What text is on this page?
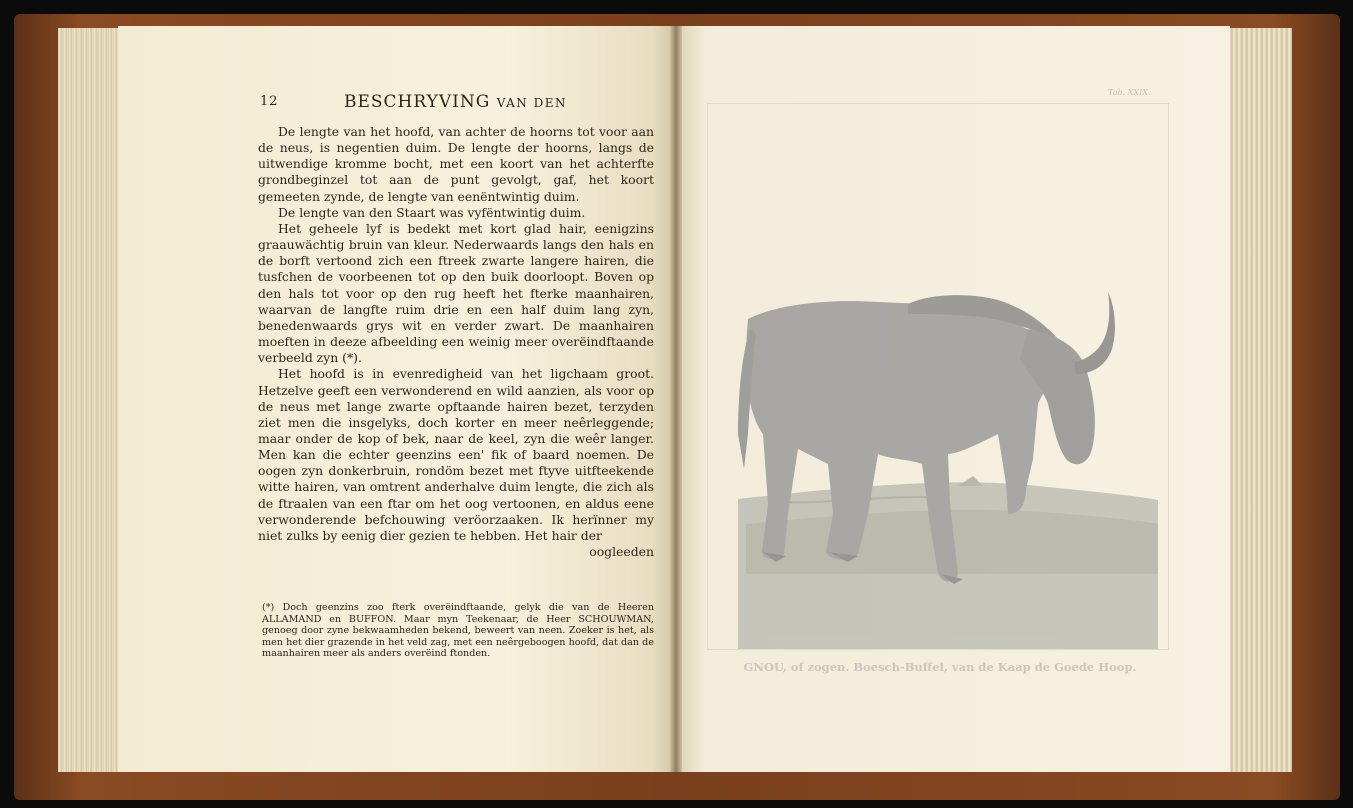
12	BESCHRYVING VAN DEN

De lengte van het hoofd, van achter de hoorns tot voor aan de neus, is negentien duim. De lengte der hoorns, langs de uitwendige kromme bocht, met een koort van het achterfte grondbeginzel tot aan de punt gevolgt, gaf, het koort gemeeten zynde, de lengte van eenëntwintig duim.

De lengte van den Staart was vyfëntwintig duim.

Het geheele lyf is bedekt met kort glad hair, eenigzins graauwächtig bruin van kleur. Nederwaards langs den hals en de borft vertoond zich een ftreek zwarte langere hairen, die tusfchen de voorbeenen tot op den buik doorloopt. Boven op den hals tot voor op den rug heeft het fterke maanhairen, waarvan de langfte ruim drie en een half duim lang zyn, benedenwaards grys wit en verder zwart. De maanhairen moeften in deeze afbeelding een weinig meer overëindftaande verbeeld zyn (*).

Het hoofd is in evenredigheid van het ligchaam groot. Hetzelve geeft een verwonderend en wild aanzien, als voor op de neus met lange zwarte opftaande hairen bezet, terzyden ziet men die insgelyks, doch korter en meer neêrleggende; maar onder de kop of bek, naar de keel, zyn die weêr langer. Men kan die echter geenzins een' fik of baard noemen. De oogen zyn donkerbruin, rondöm bezet met ftyve uitfteekende witte hairen, van omtrent anderhalve duim lengte, die zich als de ftraalen van een ftar om het oog vertoonen, en aldus eene verwonderende befchouwing veröorzaaken. Ik herïnner my niet zulks by eenig dier gezien te hebben. Het hair der

oogleeden

(*) Doch geenzins zoo fterk overëindftaande, gelyk die van de Heeren ALLAMAND en BUFFON. Maar myn Teekenaar, de Heer SCHOUWMAN, genoeg door zyne bekwaamheden bekend, beweert van neen. Zoeker is het, als men het dier grazende in het veld zag, met een neêrgeboogen hoofd, dat dan de maanhairen meer als anders overëind ftonden.
Tab. XXIX.
GNOU, of zogen. Boesch-Buffel, van de Kaap de Goede Hoop.
